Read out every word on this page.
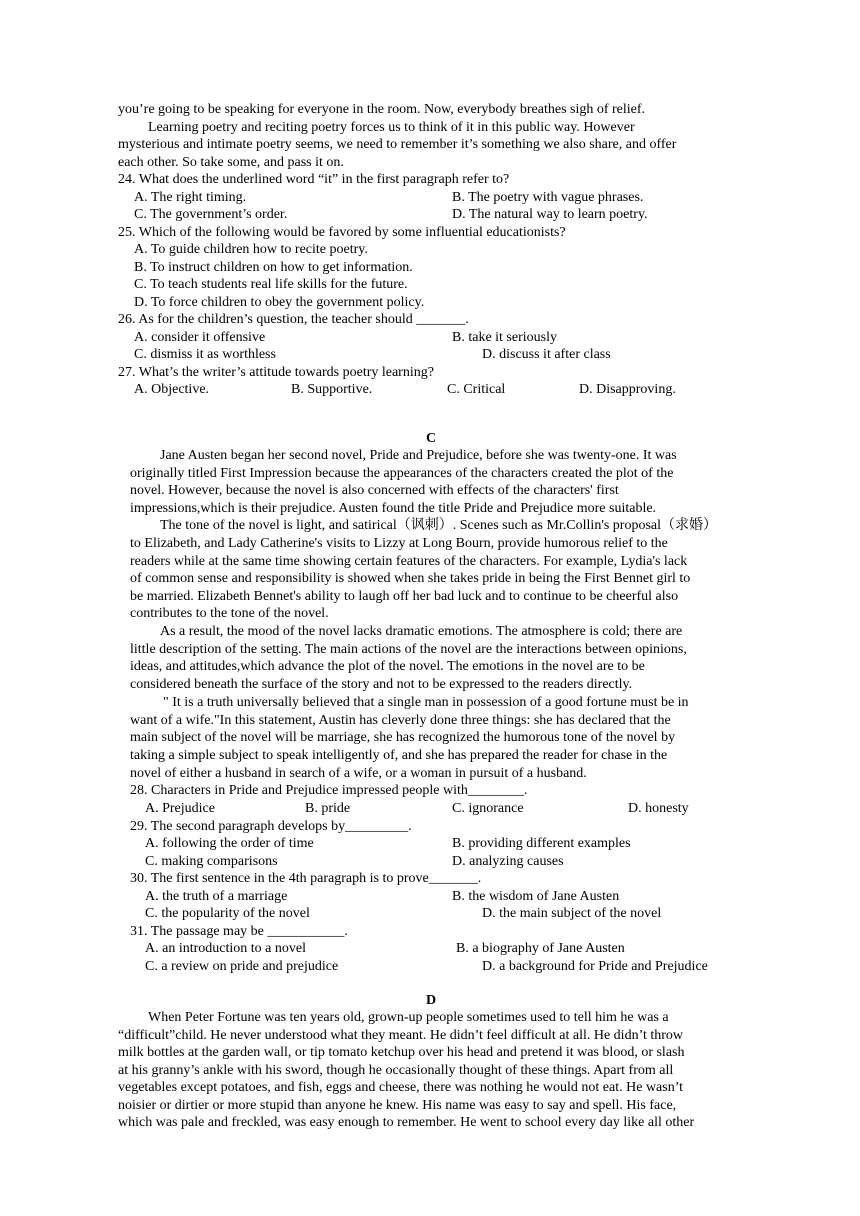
you’re going to be speaking for everyone in the room. Now, everybody breathes sigh of relief.
Learning poetry and reciting poetry forces us to think of it in this public way. However
mysterious and intimate poetry seems, we need to remember it’s something we also share, and offer
each other. So take some, and pass it on.
24. What does the underlined word “it” in the first paragraph refer to?
A. The right timing.	B. The poetry with vague phrases.
C. The government’s order.	D. The natural way to learn poetry.
25. Which of the following would be favored by some influential educationists?
A. To guide children how to recite poetry.
B. To instruct children on how to get information.
C. To teach students real life skills for the future.
D. To force children to obey the government policy.
26. As for the children’s question, the teacher should _______.
A. consider it offensive	B. take it seriously
C. dismiss it as worthless	D. discuss it after class
27. What’s the writer’s attitude towards poetry learning?
A. Objective.	B. Supportive.	C. Critical	D. Disapproving.
C
Jane Austen began her second novel, Pride and Prejudice, before she was twenty-one. It was
originally titled First Impression because the appearances of the characters created the plot of the
novel. However, because the novel is also concerned with effects of the characters' first
impressions,which is their prejudice. Austen found the title Pride and Prejudice more suitable.
The tone of the novel is light, and satirical（讽刺）. Scenes such as Mr.Collin's proposal（求婚）
to Elizabeth, and Lady Catherine's visits to Lizzy at Long Bourn, provide humorous relief to the
readers while at the same time showing certain features of the characters. For example, Lydia's lack
of common sense and responsibility is showed when she takes pride in being the First Bennet girl to
be married. Elizabeth Bennet's ability to laugh off her bad luck and to continue to be cheerful also
contributes to the tone of the novel.
As a result, the mood of the novel lacks dramatic emotions. The atmosphere is cold; there are
little description of the setting. The main actions of the novel are the interactions between opinions,
ideas, and attitudes,which advance the plot of the novel. The emotions in the novel are to be
considered beneath the surface of the story and not to be expressed to the readers directly.
" It is a truth universally believed that a single man in possession of a good fortune must be in
want of a wife."In this statement, Austin has cleverly done three things: she has declared that the
main subject of the novel will be marriage, she has recognized the humorous tone of the novel by
taking a simple subject to speak intelligently of, and she has prepared the reader for chase in the
novel of either a husband in search of a wife, or a woman in pursuit of a husband.
28. Characters in Pride and Prejudice impressed people with________.
A. Prejudice	B. pride	C. ignorance	D. honesty
29. The second paragraph develops by_________.
A. following the order of time	B. providing different examples
C. making comparisons	D. analyzing causes
30. The first sentence in the 4th paragraph is to prove_______.
A. the truth of a marriage	B. the wisdom of Jane Austen
C. the popularity of the novel	D. the main subject of the novel
31. The passage may be ___________.
A. an introduction to a novel	B. a biography of Jane Austen
C. a review on pride and prejudice	D. a background for Pride and Prejudice
D
When Peter Fortune was ten years old, grown-up people sometimes used to tell him he was a
“difficult”child. He never understood what they meant. He didn’t feel difficult at all. He didn’t throw
milk bottles at the garden wall, or tip tomato ketchup over his head and pretend it was blood, or slash
at his granny’s ankle with his sword, though he occasionally thought of these things. Apart from all
vegetables except potatoes, and fish, eggs and cheese, there was nothing he would not eat. He wasn’t
noisier or dirtier or more stupid than anyone he knew. His name was easy to say and spell. His face,
which was pale and freckled, was easy enough to remember. He went to school every day like all other
